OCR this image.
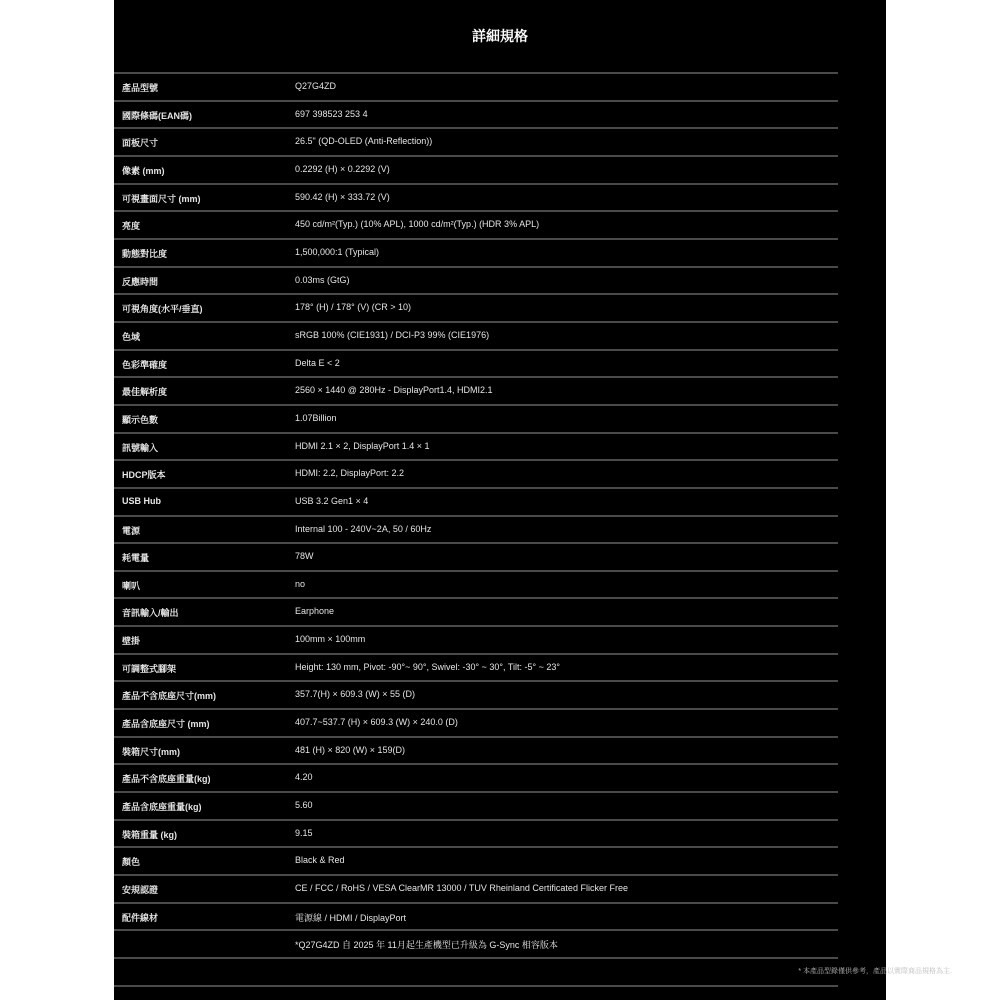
詳細規格
產品型號	Q27G4ZD
國際條碼(EAN碼)	697 398523 253 4
面板尺寸	26.5" (QD-OLED (Anti-Reflection))
像素 (mm)	0.2292 (H) × 0.2292 (V)
可視畫面尺寸 (mm)	590.42 (H) × 333.72 (V)
亮度	450 cd/m²(Typ.) (10% APL), 1000 cd/m²(Typ.) (HDR 3% APL)
動態對比度	1,500,000:1 (Typical)
反應時間	0.03ms (GtG)
可視角度(水平/垂直)	178° (H) / 178° (V) (CR > 10)
色域	sRGB 100% (CIE1931) / DCI-P3 99% (CIE1976)
色彩準確度	Delta E < 2
最佳解析度	2560 × 1440 @ 280Hz - DisplayPort1.4, HDMI2.1
顯示色數	1.07Billion
訊號輸入	HDMI 2.1 × 2, DisplayPort 1.4 × 1
HDCP版本	HDMI: 2.2, DisplayPort: 2.2
USB Hub	USB 3.2 Gen1 × 4
電源	Internal 100 - 240V~2A, 50 / 60Hz
耗電量	78W
喇叭	no
音訊輸入/輸出	Earphone
壁掛	100mm × 100mm
可調整式腳架	Height: 130 mm, Pivot: -90°~ 90°, Swivel: -30° ~ 30°, Tilt: -5° ~ 23°
產品不含底座尺寸(mm)	357.7(H) × 609.3 (W) × 55 (D)
產品含底座尺寸 (mm)	407.7~537.7 (H) × 609.3 (W) × 240.0 (D)
裝箱尺寸(mm)	481 (H) × 820 (W) × 159(D)
產品不含底座重量(kg)	4.20
產品含底座重量(kg)	5.60
裝箱重量 (kg)	9.15
顏色	Black & Red
安規認證	CE / FCC / RoHS / VESA ClearMR 13000 / TUV Rheinland Certificated Flicker Free
配件線材	電源線 / HDMI / DisplayPort
*Q27G4ZD 自 2025 年 11月起生產機型已升級為 G-Sync 相容版本
* 本產品型錄僅供參考，產品以實際商品規格為主.
